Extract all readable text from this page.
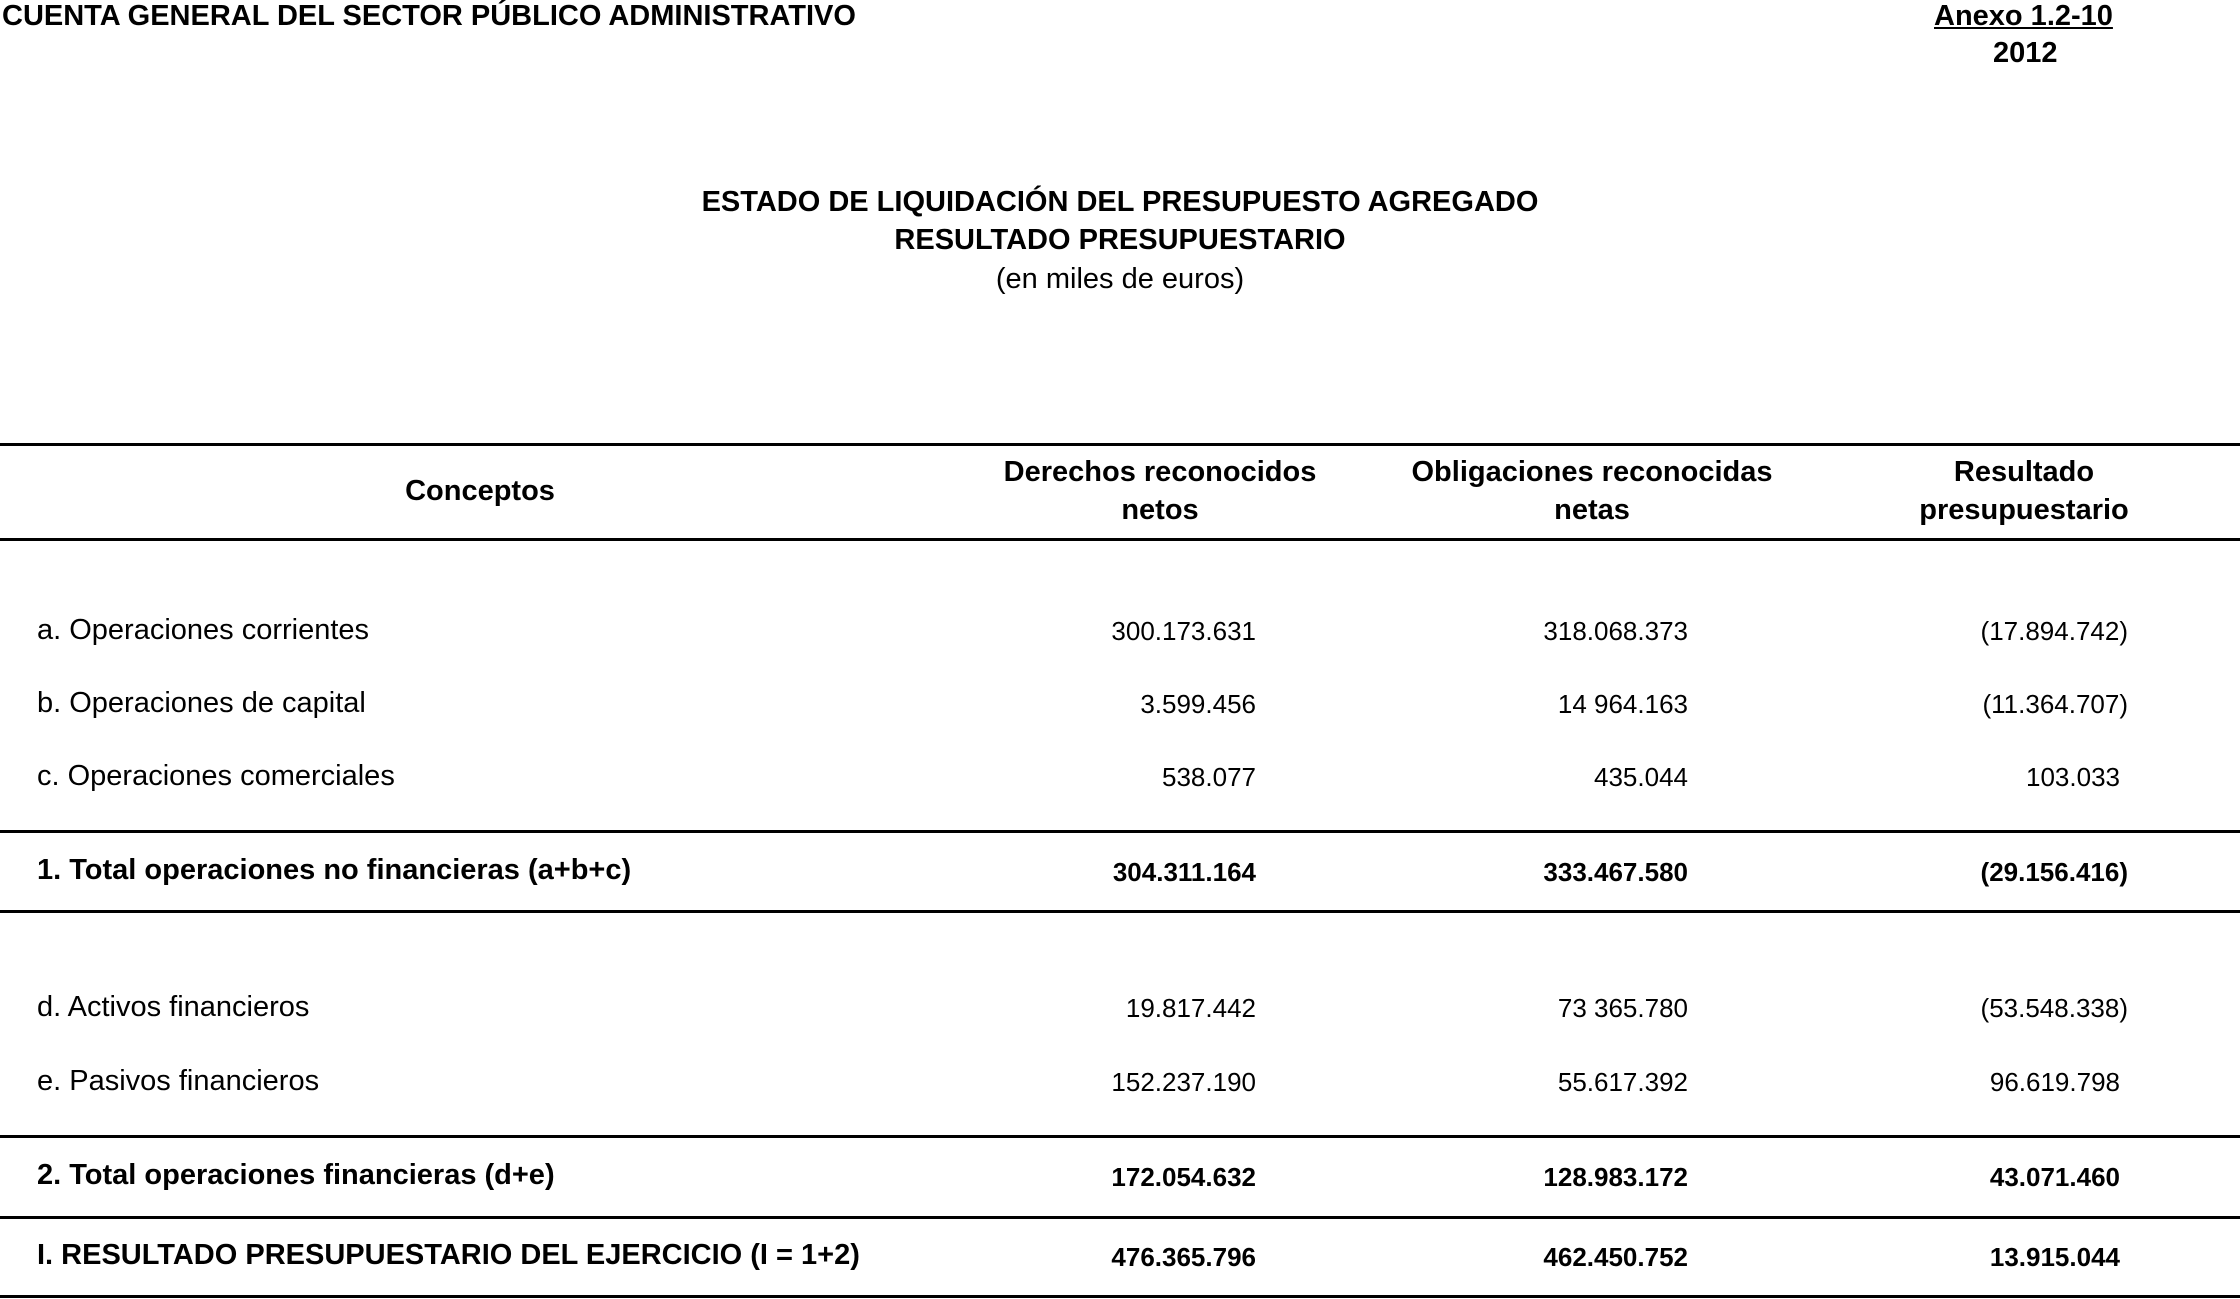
CUENTA GENERAL DEL SECTOR PÚBLICO ADMINISTRATIVO	Anexo 1.2-10
2012
ESTADO DE LIQUIDACIÓN DEL PRESUPUESTO AGREGADO
RESULTADO PRESUPUESTARIO
(en miles de euros)
Conceptos
Derechos reconocidos
netos
Obligaciones reconocidas
netas
Resultado
presupuestario
a. Operaciones corrientes	300.173.631	318.068.373	(17.894.742)
b. Operaciones de capital	3.599.456	14 964.163	(11.364.707)
c. Operaciones comerciales	538.077	435.044	103.033
1. Total operaciones no financieras (a+b+c)	304.311.164	333.467.580	(29.156.416)
d. Activos financieros	19.817.442	73 365.780	(53.548.338)
e. Pasivos financieros	152.237.190	55.617.392	96.619.798
2. Total operaciones financieras (d+e)	172.054.632	128.983.172	43.071.460
I. RESULTADO PRESUPUESTARIO DEL EJERCICIO (I = 1+2)	476.365.796	462.450.752	13.915.044
